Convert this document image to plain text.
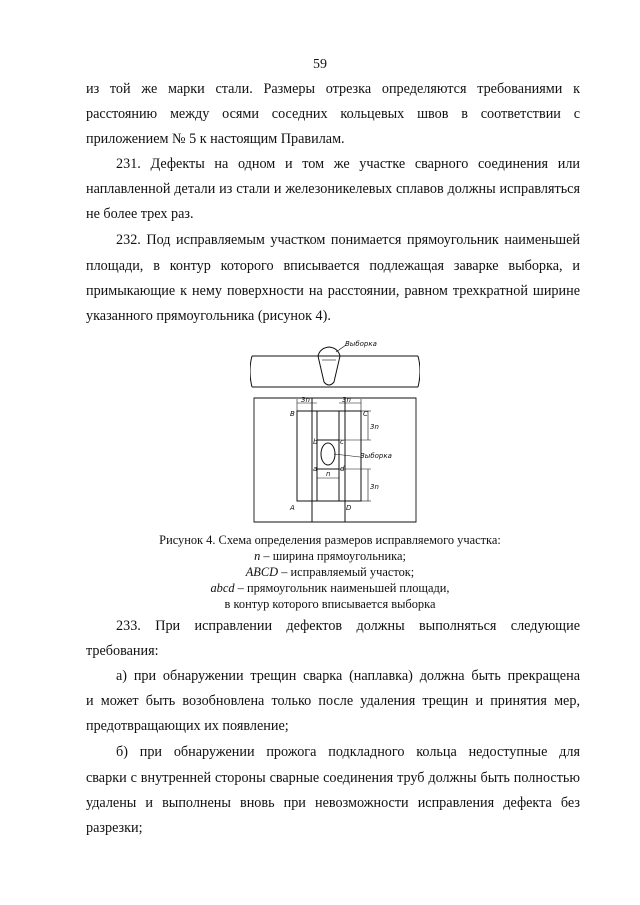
59
из той же марки стали. Размеры отрезка определяются требованиями к
расстоянию между осями соседних кольцевых швов в соответствии с
приложением № 5 к настоящим Правилам.
231. Дефекты на одном и том же участке сварного соединения или
наплавленной детали из стали и железоникелевых сплавов должны исправляться
не более трех раз.
232. Под исправляемым участком понимается прямоугольник наименьшей
площади, в контур которого вписывается подлежащая заварке выборка, и
примыкающие к нему поверхности на расстоянии, равном трехкратной ширине
указанного прямоугольника (рисунок 4).
Выборка
3n	3n
3n
3n
n
Выборка
B	C
A	D
b	c
a	d
Рисунок 4. Схема определения размеров исправляемого участка:
n – ширина прямоугольника;
ABCD – исправляемый участок;
abcd – прямоугольник наименьшей площади,
в контур которого вписывается выборка
233. При исправлении дефектов должны выполняться следующие
требования:
а) при обнаружении трещин сварка (наплавка) должна быть прекращена
и может быть возобновлена только после удаления трещин и принятия мер,
предотвращающих их появление;
б) при обнаружении прожога подкладного кольца недоступные для
сварки с внутренней стороны сварные соединения труб должны быть полностью
удалены и выполнены вновь при невозможности исправления дефекта без
разрезки;
